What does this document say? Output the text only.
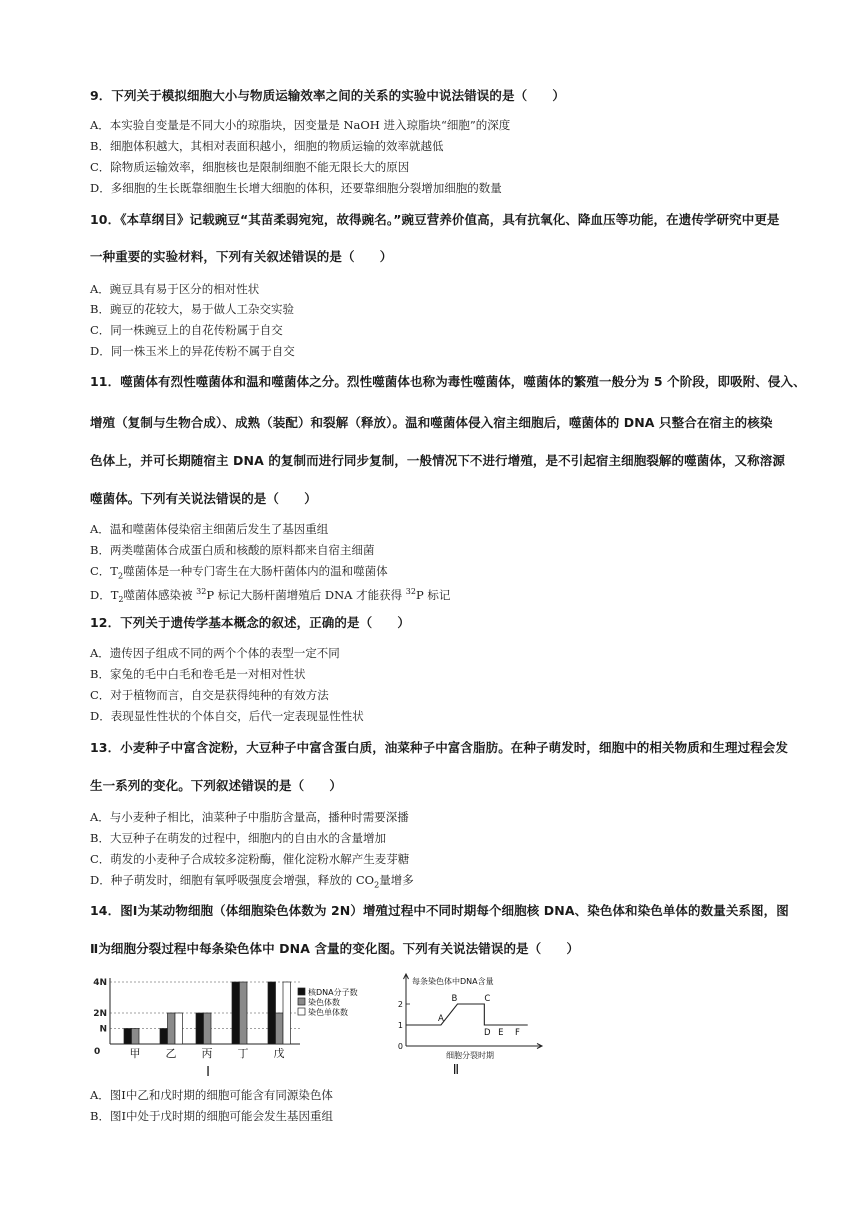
9．下列关于模拟细胞大小与物质运输效率之间的关系的实验中说法错误的是（　　）
A．本实验自变量是不同大小的琼脂块，因变量是 NaOH 进入琼脂块“细胞”的深度
B．细胞体积越大，其相对表面积越小，细胞的物质运输的效率就越低
C．除物质运输效率，细胞核也是限制细胞不能无限长大的原因
D．多细胞的生长既靠细胞生长增大细胞的体积，还要靠细胞分裂增加细胞的数量
10．《本草纲目》记载豌豆“其苗柔弱宛宛，故得豌名。”豌豆营养价值高，具有抗氧化、降血压等功能，在遗传学研究中更是
一种重要的实验材料，下列有关叙述错误的是（　　）
A．豌豆具有易于区分的相对性状
B．豌豆的花较大，易于做人工杂交实验
C．同一株豌豆上的自花传粉属于自交
D．同一株玉米上的异花传粉不属于自交
11．噬菌体有烈性噬菌体和温和噬菌体之分。烈性噬菌体也称为毒性噬菌体，噬菌体的繁殖一般分为 5 个阶段，即吸附、侵入、
增殖（复制与生物合成）、成熟（装配）和裂解（释放）。温和噬菌体侵入宿主细胞后，噬菌体的 DNA 只整合在宿主的核染
色体上，并可长期随宿主 DNA 的复制而进行同步复制，一般情况下不进行增殖，是不引起宿主细胞裂解的噬菌体，又称溶源
噬菌体。下列有关说法错误的是（　　）
A．温和噬菌体侵染宿主细菌后发生了基因重组
B．两类噬菌体合成蛋白质和核酸的原料都来自宿主细菌
C．$T_2$噬菌体是一种专门寄生在大肠杆菌体内的温和噬菌体
D．$T_2$噬菌体感染被 $^{32}$P 标记大肠杆菌增殖后 DNA 才能获得 $^{32}$P 标记
12．下列关于遗传学基本概念的叙述，正确的是（　　）
A．遗传因子组成不同的两个个体的表型一定不同
B．家兔的毛中白毛和卷毛是一对相对性状
C．对于植物而言，自交是获得纯种的有效方法
D．表现显性性状的个体自交，后代一定表现显性性状
13．小麦种子中富含淀粉，大豆种子中富含蛋白质，油菜种子中富含脂肪。在种子萌发时，细胞中的相关物质和生理过程会发
生一系列的变化。下列叙述错误的是（　　）
A．与小麦种子相比，油菜种子中脂肪含量高，播种时需要深播
B．大豆种子在萌发的过程中，细胞内的自由水的含量增加
C．萌发的小麦种子合成较多淀粉酶，催化淀粉水解产生麦芽糖
D．种子萌发时，细胞有氧呼吸强度会增强，释放的 $CO_2$量增多
14．图Ⅰ为某动物细胞（体细胞染色体数为 2N）增殖过程中不同时期每个细胞核 DNA、染色体和染色单体的数量关系图，图
Ⅱ为细胞分裂过程中每条染色体中 DNA 含量的变化图。下列有关说法错误的是（　　）
0
N
2N
4N
甲 乙 丙 丁 戊
核DNA分子数
染色体数
染色单体数
Ⅰ
每条染色体中DNA含量
细胞分裂时期
0
1
2
A
B	C
D E F
Ⅱ
A．图Ⅰ中乙和戊时期的细胞可能含有同源染色体
B．图Ⅰ中处于戊时期的细胞可能会发生基因重组
